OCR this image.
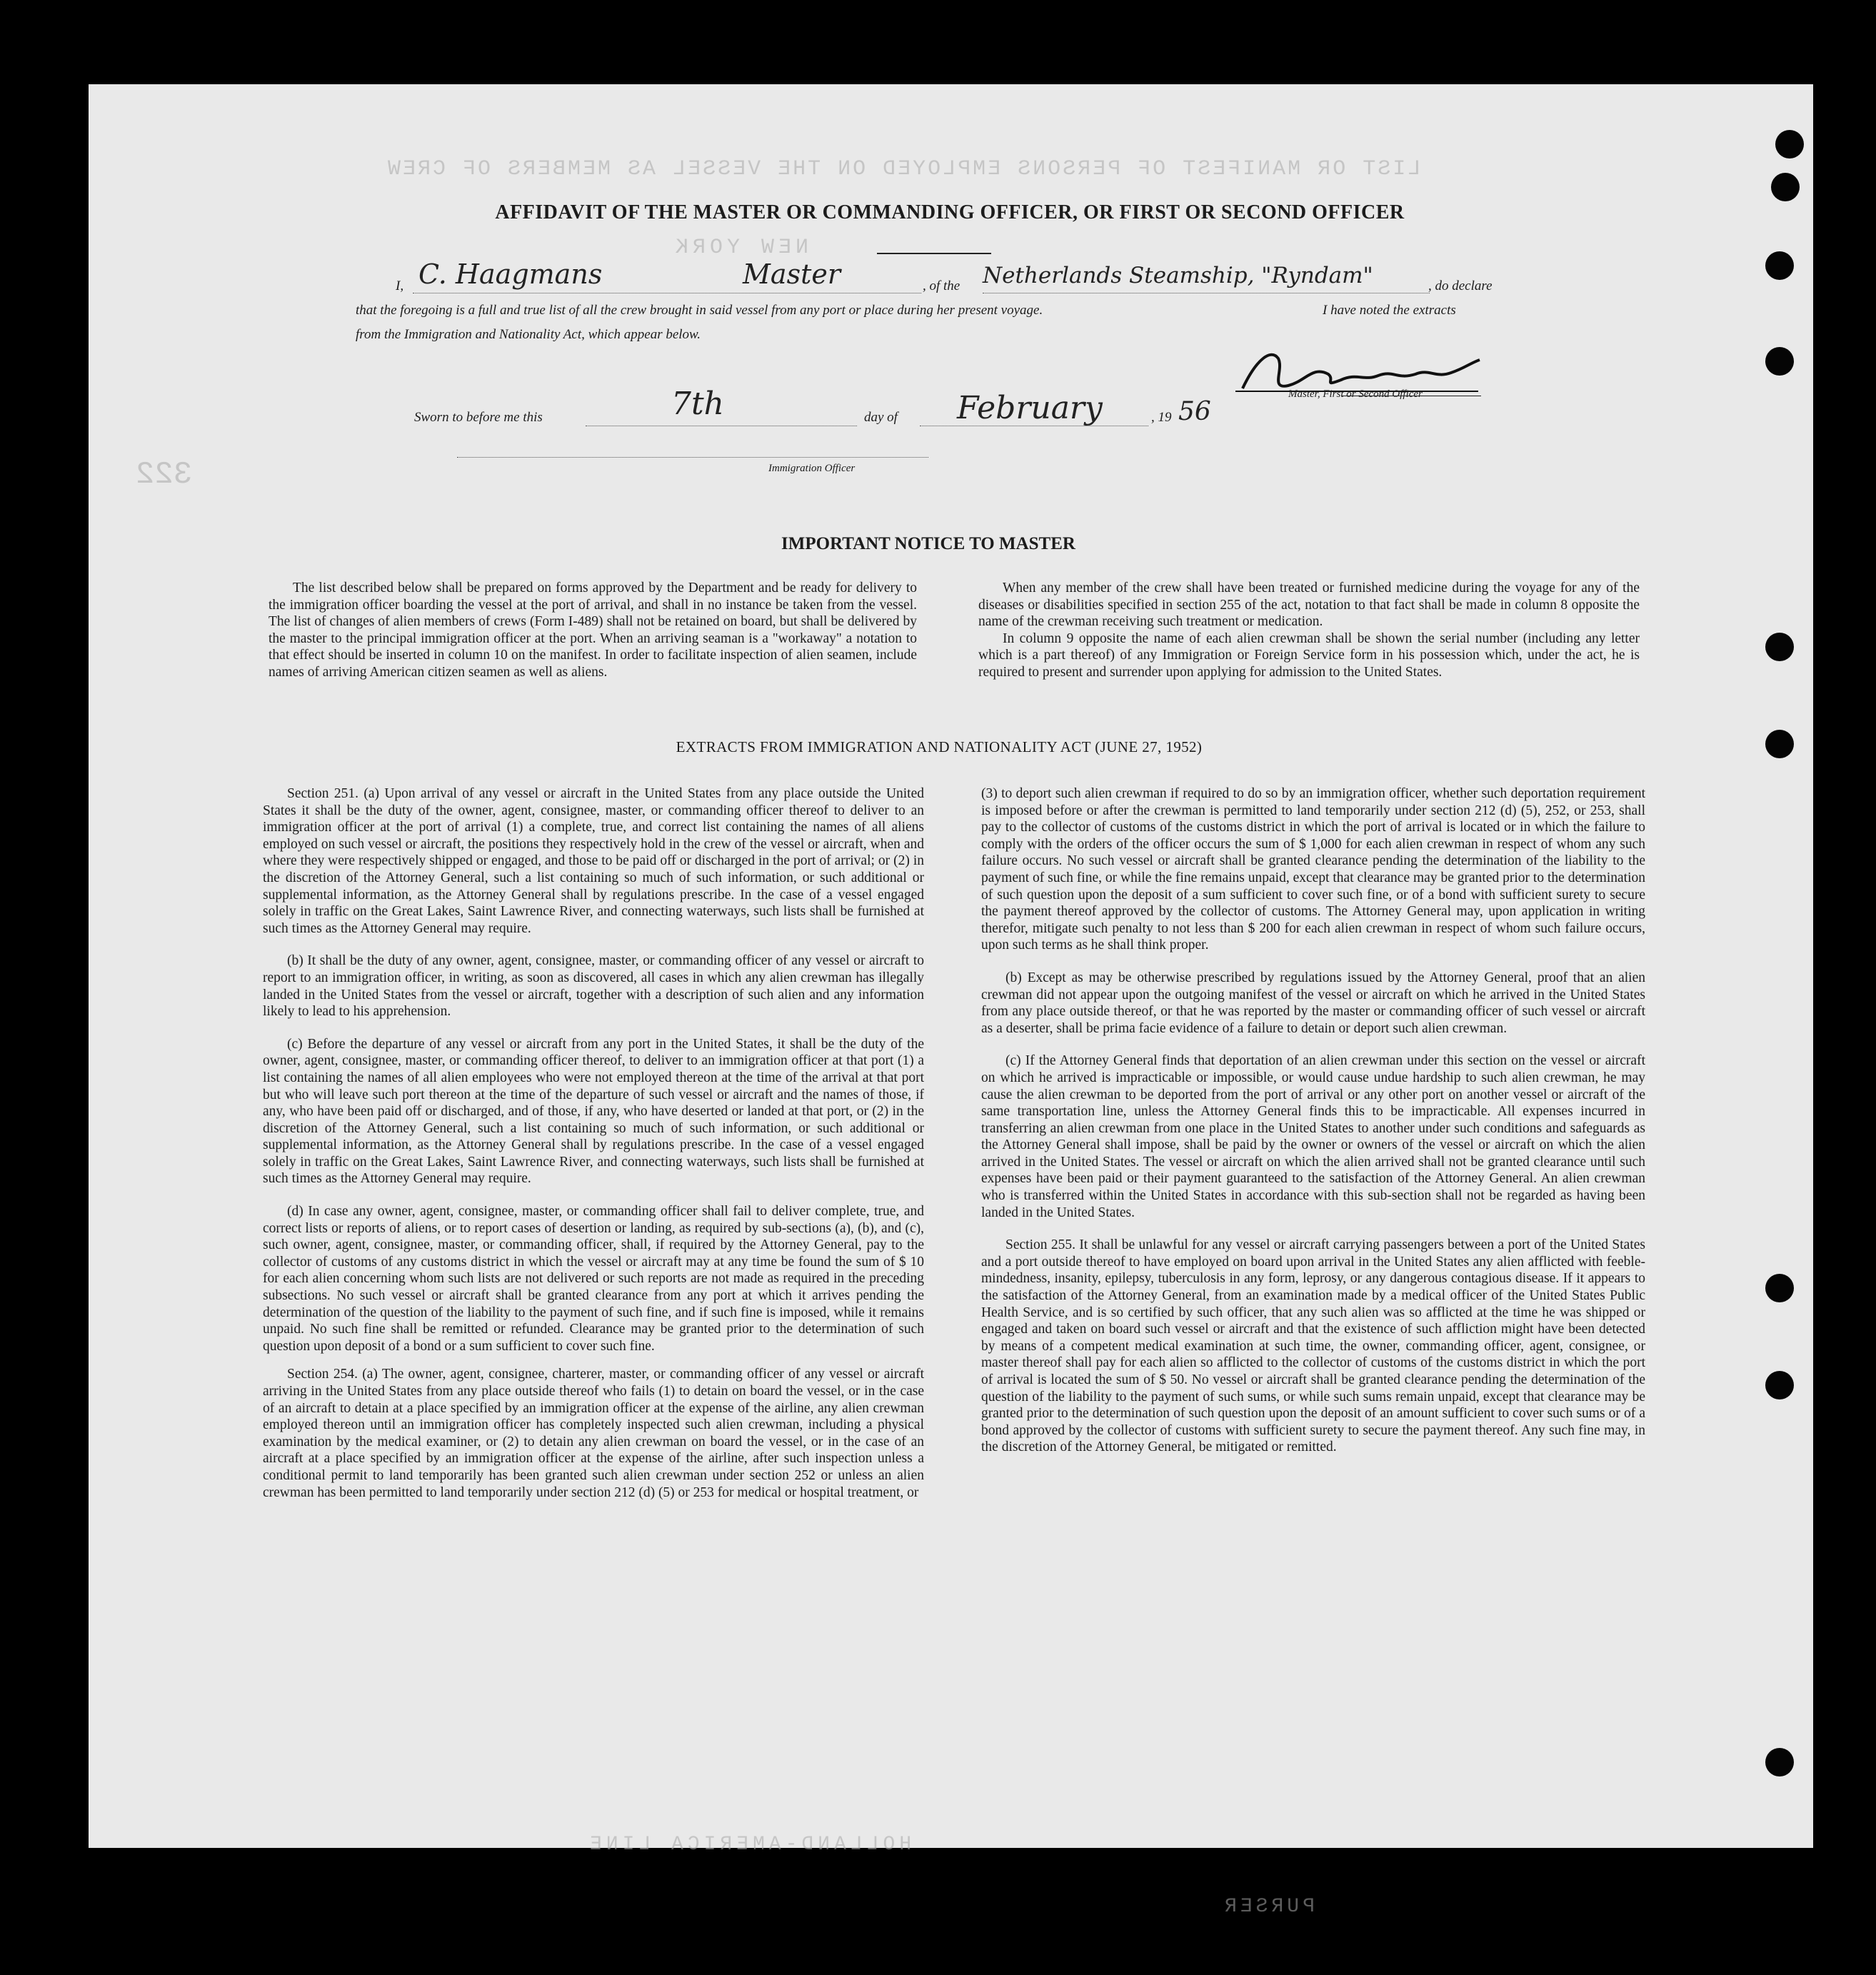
LIST OR MANIFEST OF PERSONS EMPLOYED ON THE VESSEL AS MEMBERS OF CREW
NEW YORK
322
HOLLAND-AMERICA LINE
PURSER
AFFIDAVIT OF THE MASTER OR COMMANDING OFFICER, OR FIRST OR SECOND OFFICER
I, C. Haagmans	Master	, of the Netherlands Steamship, "Ryndam"	, do declare
that the foregoing is a full and true list of all the crew brought in said vessel from any port or place during her present voyage.	I have noted the extracts
from the Immigration and Nationality Act, which appear below.
Master, First or Second Officer
Sworn to before me this	7th	day of February	, 19 56
Immigration Officer
IMPORTANT NOTICE TO MASTER

The list described below shall be prepared on forms approved by the Department and be ready for delivery to the immigration officer boarding the vessel at the port of arrival, and shall in no instance be taken from the vessel. The list of changes of alien members of crews (Form I-489) shall not be retained on board, but shall be delivered by the master to the principal immigration officer at the port. When an arriving seaman is a "workaway" a notation to that effect should be inserted in column 10 on the manifest. In order to facilitate inspection of alien seamen, include names of arriving American citizen seamen as well as aliens.

When any member of the crew shall have been treated or furnished medicine during the voyage for any of the diseases or disabilities specified in section 255 of the act, notation to that fact shall be made in column 8 opposite the name of the crewman receiving such treatment or medication.

In column 9 opposite the name of each alien crewman shall be shown the serial number (including any letter which is a part thereof) of any Immigration or Foreign Service form in his possession which, under the act, he is required to present and surrender upon applying for admission to the United States.

EXTRACTS FROM IMMIGRATION AND NATIONALITY ACT (JUNE 27, 1952)

Section 251. (a) Upon arrival of any vessel or aircraft in the United States from any place outside the United States it shall be the duty of the owner, agent, consignee, master, or commanding officer thereof to deliver to an immigration officer at the port of arrival (1) a complete, true, and correct list containing the names of all aliens employed on such vessel or aircraft, the positions they respectively hold in the crew of the vessel or aircraft, when and where they were respectively shipped or engaged, and those to be paid off or discharged in the port of arrival; or (2) in the discretion of the Attorney General, such a list containing so much of such information, or such additional or supplemental information, as the Attorney General shall by regulations prescribe. In the case of a vessel engaged solely in traffic on the Great Lakes, Saint Lawrence River, and connecting waterways, such lists shall be furnished at such times as the Attorney General may require.

(b) It shall be the duty of any owner, agent, consignee, master, or commanding officer of any vessel or aircraft to report to an immigration officer, in writing, as soon as discovered, all cases in which any alien crewman has illegally landed in the United States from the vessel or aircraft, together with a description of such alien and any information likely to lead to his apprehension.

(c) Before the departure of any vessel or aircraft from any port in the United States, it shall be the duty of the owner, agent, consignee, master, or commanding officer thereof, to deliver to an immigration officer at that port (1) a list containing the names of all alien employees who were not employed thereon at the time of the arrival at that port but who will leave such port thereon at the time of the departure of such vessel or aircraft and the names of those, if any, who have been paid off or discharged, and of those, if any, who have deserted or landed at that port, or (2) in the discretion of the Attorney General, such a list containing so much of such information, or such additional or supplemental information, as the Attorney General shall by regulations prescribe. In the case of a vessel engaged solely in traffic on the Great Lakes, Saint Lawrence River, and connecting waterways, such lists shall be furnished at such times as the Attorney General may require.

(d) In case any owner, agent, consignee, master, or commanding officer shall fail to deliver complete, true, and correct lists or reports of aliens, or to report cases of desertion or landing, as required by sub-sections (a), (b), and (c), such owner, agent, consignee, master, or commanding officer, shall, if required by the Attorney General, pay to the collector of customs of any customs district in which the vessel or aircraft may at any time be found the sum of $ 10 for each alien concerning whom such lists are not delivered or such reports are not made as required in the preceding subsections. No such vessel or aircraft shall be granted clearance from any port at which it arrives pending the determination of the question of the liability to the payment of such fine, and if such fine is imposed, while it remains unpaid. No such fine shall be remitted or refunded. Clearance may be granted prior to the determination of such question upon deposit of a bond or a sum sufficient to cover such fine.

Section 254. (a) The owner, agent, consignee, charterer, master, or commanding officer of any vessel or aircraft arriving in the United States from any place outside thereof who fails (1) to detain on board the vessel, or in the case of an aircraft to detain at a place specified by an immigration officer at the expense of the airline, any alien crewman employed thereon until an immigration officer has completely inspected such alien crewman, including a physical examination by the medical examiner, or (2) to detain any alien crewman on board the vessel, or in the case of an aircraft at a place specified by an immigration officer at the expense of the airline, after such inspection unless a conditional permit to land temporarily has been granted such alien crewman under section 252 or unless an alien crewman has been permitted to land temporarily under section 212 (d) (5) or 253 for medical or hospital treatment, or

(3) to deport such alien crewman if required to do so by an immigration officer, whether such deportation requirement is imposed before or after the crewman is permitted to land temporarily under section 212 (d) (5), 252, or 253, shall pay to the collector of customs of the customs district in which the port of arrival is located or in which the failure to comply with the orders of the officer occurs the sum of $ 1,000 for each alien crewman in respect of whom any such failure occurs. No such vessel or aircraft shall be granted clearance pending the determination of the liability to the payment of such fine, or while the fine remains unpaid, except that clearance may be granted prior to the determination of such question upon the deposit of a sum sufficient to cover such fine, or of a bond with sufficient surety to secure the payment thereof approved by the collector of customs. The Attorney General may, upon application in writing therefor, mitigate such penalty to not less than $ 200 for each alien crewman in respect of whom such failure occurs, upon such terms as he shall think proper.

(b) Except as may be otherwise prescribed by regulations issued by the Attorney General, proof that an alien crewman did not appear upon the outgoing manifest of the vessel or aircraft on which he arrived in the United States from any place outside thereof, or that he was reported by the master or commanding officer of such vessel or aircraft as a deserter, shall be prima facie evidence of a failure to detain or deport such alien crewman.

(c) If the Attorney General finds that deportation of an alien crewman under this section on the vessel or aircraft on which he arrived is impracticable or impossible, or would cause undue hardship to such alien crewman, he may cause the alien crewman to be deported from the port of arrival or any other port on another vessel or aircraft of the same transportation line, unless the Attorney General finds this to be impracticable. All expenses incurred in transferring an alien crewman from one place in the United States to another under such conditions and safeguards as the Attorney General shall impose, shall be paid by the owner or owners of the vessel or aircraft on which the alien arrived in the United States. The vessel or aircraft on which the alien arrived shall not be granted clearance until such expenses have been paid or their payment guaranteed to the satisfaction of the Attorney General. An alien crewman who is transferred within the United States in accordance with this sub-section shall not be regarded as having been landed in the United States.

Section 255. It shall be unlawful for any vessel or aircraft carrying passengers between a port of the United States and a port outside thereof to have employed on board upon arrival in the United States any alien afflicted with feeble-mindedness, insanity, epilepsy, tuberculosis in any form, leprosy, or any dangerous contagious disease. If it appears to the satisfaction of the Attorney General, from an examination made by a medical officer of the United States Public Health Service, and is so certified by such officer, that any such alien was so afflicted at the time he was shipped or engaged and taken on board such vessel or aircraft and that the existence of such affliction might have been detected by means of a competent medical examination at such time, the owner, commanding officer, agent, consignee, or master thereof shall pay for each alien so afflicted to the collector of customs of the customs district in which the port of arrival is located the sum of $ 50. No vessel or aircraft shall be granted clearance pending the determination of the question of the liability to the payment of such sums, or while such sums remain unpaid, except that clearance may be granted prior to the determination of such question upon the deposit of an amount sufficient to cover such sums or of a bond approved by the collector of customs with sufficient surety to secure the payment thereof. Any such fine may, in the discretion of the Attorney General, be mitigated or remitted.
